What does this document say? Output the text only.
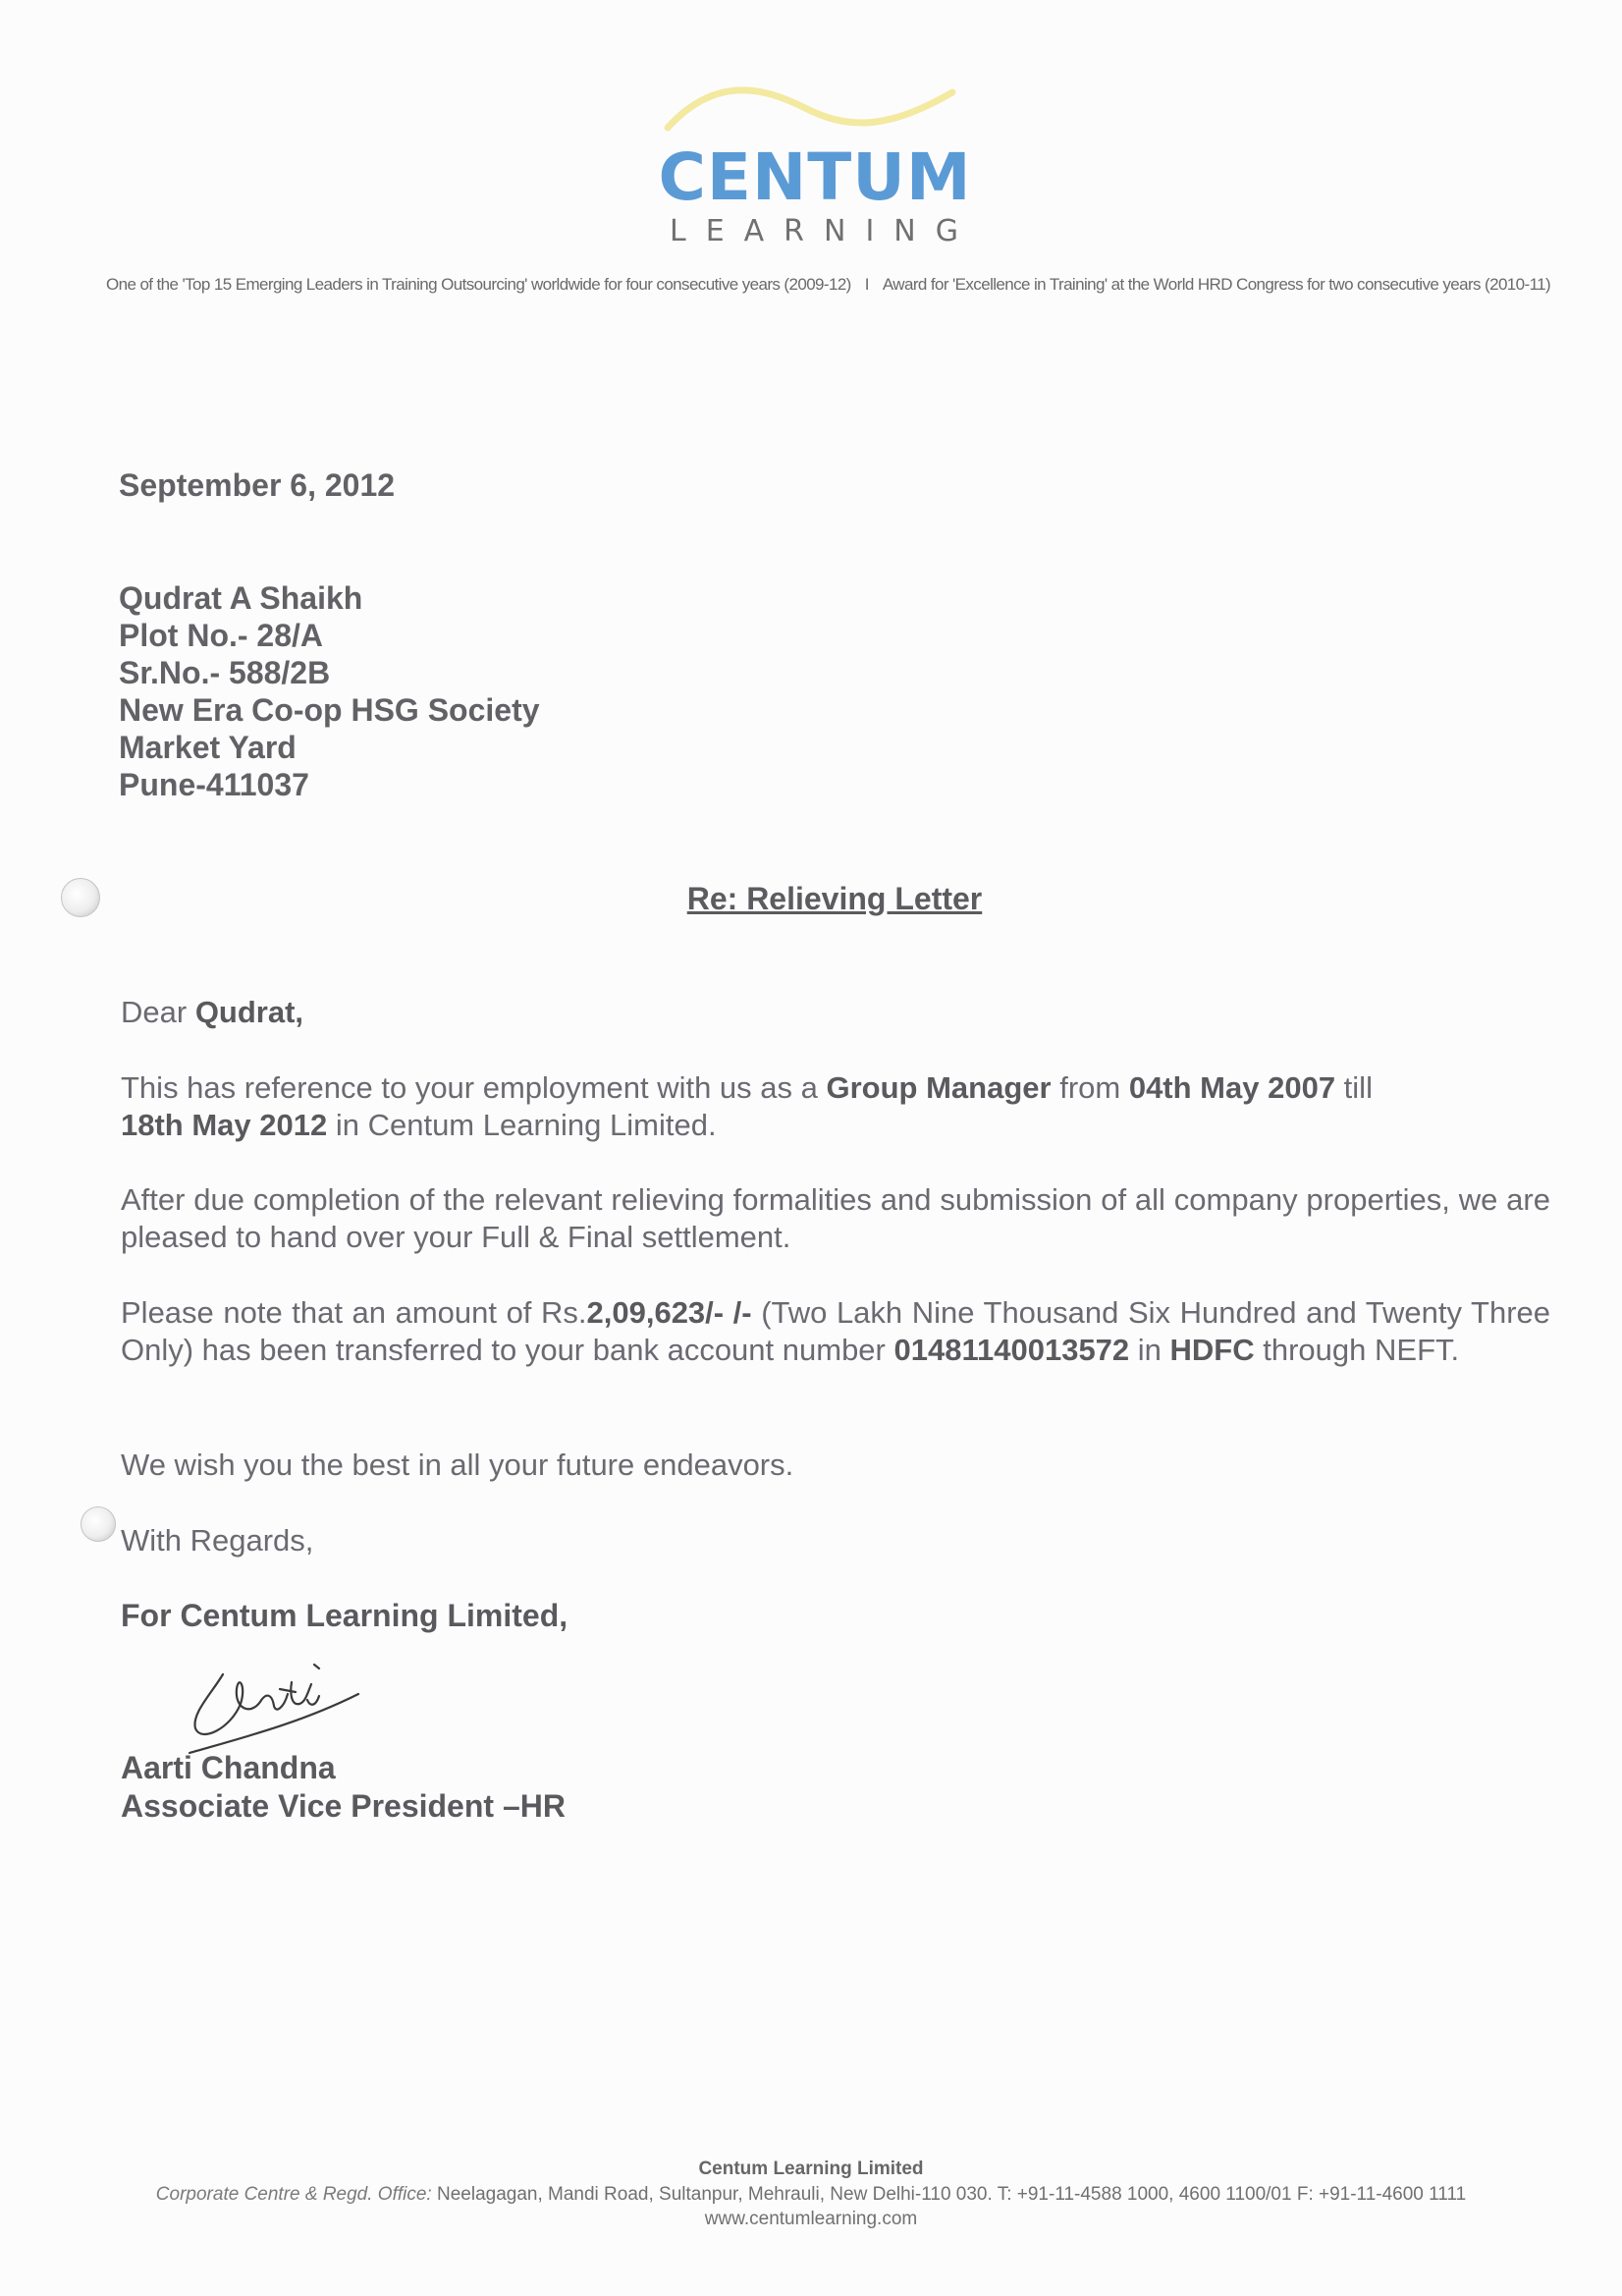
CENTUM
LEARNING
One of the 'Top 15 Emerging Leaders in Training Outsourcing' worldwide for four consecutive years (2009-12) I Award for 'Excellence in Training' at the World HRD Congress for two consecutive years (2010-11)
September 6, 2012
Qudrat A Shaikh
Plot No.- 28/A
Sr.No.- 588/2B
New Era Co-op HSG Society
Market Yard
Pune-411037
Re: Relieving Letter
Dear Qudrat,
This has reference to your employment with us as a Group Manager from 04th May 2007 till
18th May 2012 in Centum Learning Limited.
After due completion of the relevant relieving formalities and submission of all company properties, we are pleased to hand over your Full & Final settlement.
Please note that an amount of Rs.2,09,623/- /- (Two Lakh Nine Thousand Six Hundred and Twenty Three Only) has been transferred to your bank account number 01481140013572 in HDFC through NEFT.
We wish you the best in all your future endeavors.
With Regards,
For Centum Learning Limited,
Aarti Chandna
Associate Vice President –HR
Centum Learning Limited
Corporate Centre & Regd. Office: Neelagagan, Mandi Road, Sultanpur, Mehrauli, New Delhi-110 030. T: +91-11-4588 1000, 4600 1100/01 F: +91-11-4600 1111
www.centumlearning.com
